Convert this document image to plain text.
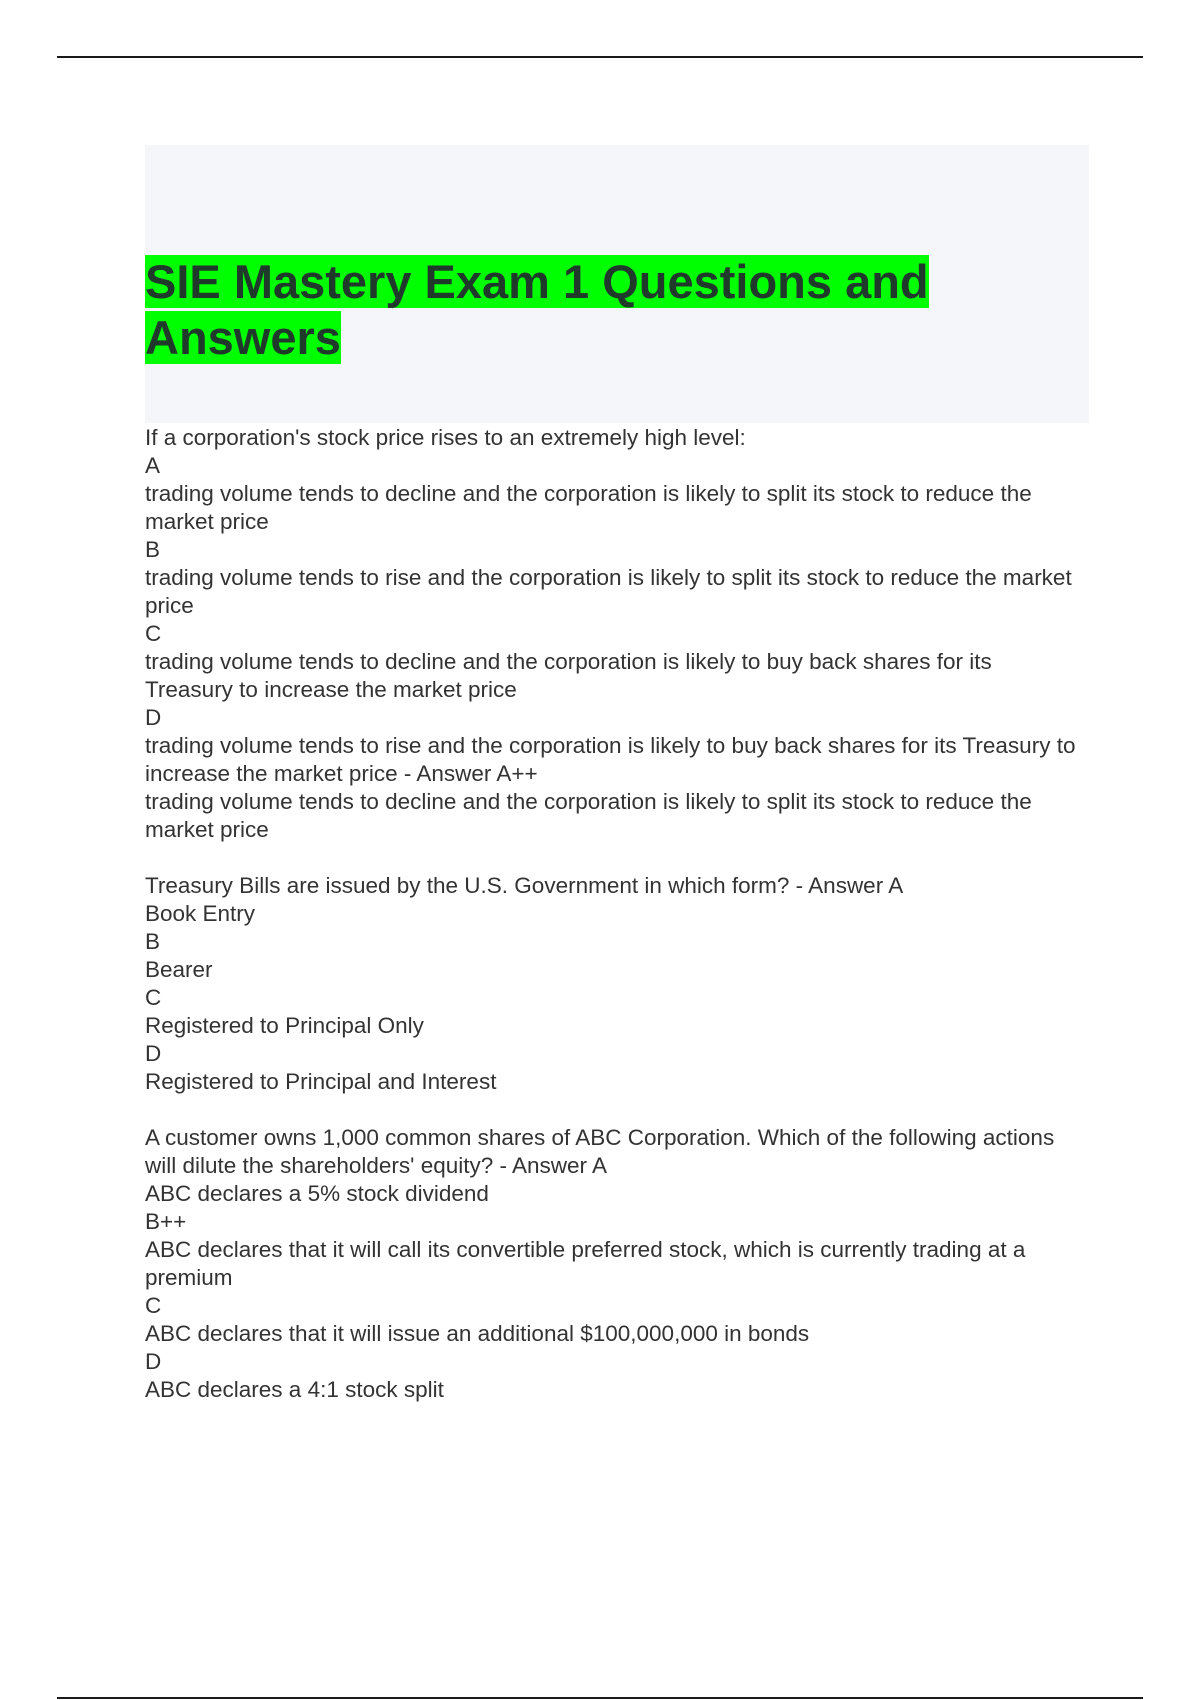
SIE Mastery Exam 1 Questions and Answers
If a corporation's stock price rises to an extremely high level:
A
trading volume tends to decline and the corporation is likely to split its stock to reduce the market price
B
trading volume tends to rise and the corporation is likely to split its stock to reduce the market price
C
trading volume tends to decline and the corporation is likely to buy back shares for its Treasury to increase the market price
D
trading volume tends to rise and the corporation is likely to buy back shares for its Treasury to increase the market price - Answer A++
trading volume tends to decline and the corporation is likely to split its stock to reduce the market price
Treasury Bills are issued by the U.S. Government in which form? - Answer A
Book Entry
B
Bearer
C
Registered to Principal Only
D
Registered to Principal and Interest
A customer owns 1,000 common shares of ABC Corporation. Which of the following actions will dilute the shareholders' equity? - Answer A
ABC declares a 5% stock dividend
B++
ABC declares that it will call its convertible preferred stock, which is currently trading at a premium
C
ABC declares that it will issue an additional $100,000,000 in bonds
D
ABC declares a 4:1 stock split
